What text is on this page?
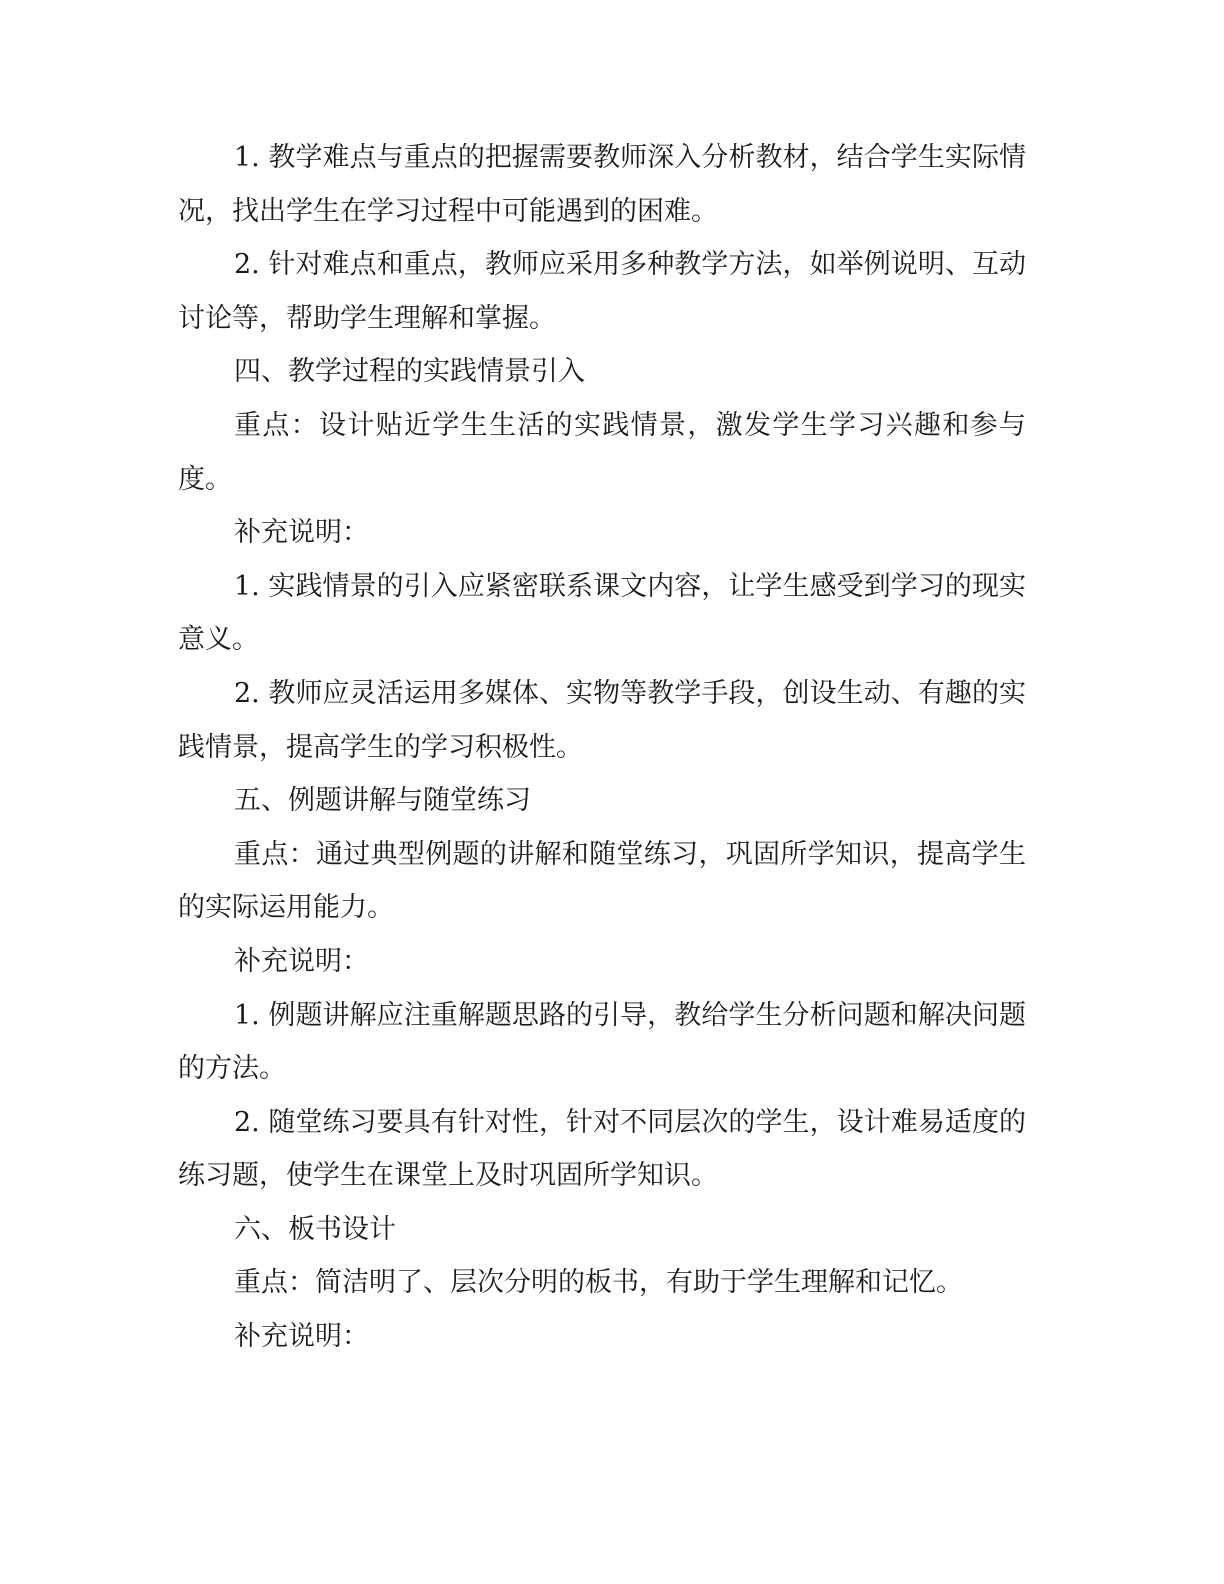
1. 教学难点与重点的把握需要教师深入分析教材，结合学生实际情况，找出学生在学习过程中可能遇到的困难。

2. 针对难点和重点，教师应采用多种教学方法，如举例说明、互动讨论等，帮助学生理解和掌握。

四、教学过程的实践情景引入

重点：设计贴近学生生活的实践情景，激发学生学习兴趣和参与度。

补充说明：

1. 实践情景的引入应紧密联系课文内容，让学生感受到学习的现实意义。

2. 教师应灵活运用多媒体、实物等教学手段，创设生动、有趣的实践情景，提高学生的学习积极性。

五、例题讲解与随堂练习

重点：通过典型例题的讲解和随堂练习，巩固所学知识，提高学生的实际运用能力。

补充说明：

1. 例题讲解应注重解题思路的引导，教给学生分析问题和解决问题的方法。

2. 随堂练习要具有针对性，针对不同层次的学生，设计难易适度的练习题，使学生在课堂上及时巩固所学知识。

六、板书设计

重点：简洁明了、层次分明的板书，有助于学生理解和记忆。

补充说明：
